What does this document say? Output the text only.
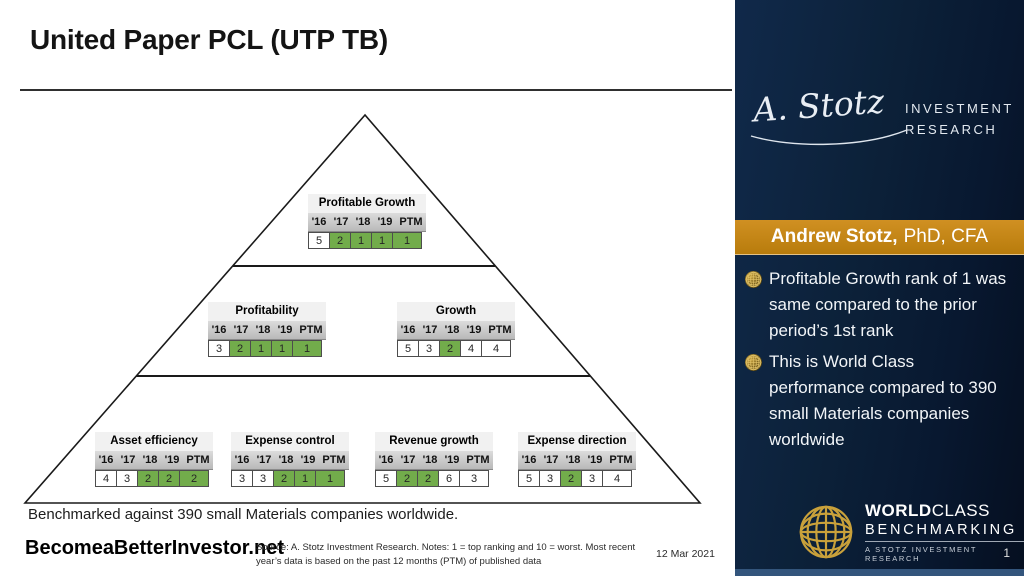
United Paper PCL (UTP TB)
Profitable Growth
'16 '17 '18 '19 PTM
5	2	1	1	1
Profitability
'16 '17 '18 '19 PTM
3	2	1	1	1
Growth
'16 '17 '18 '19 PTM
5	3	2	4	4
Asset efficiency
'16 '17 '18 '19 PTM
4	3	2	2	2
Expense control
'16 '17 '18 '19 PTM
3	3	2	1	1
Revenue growth
'16 '17 '18 '19 PTM
5	2	2	6	3
Expense direction
'16 '17 '18 '19 PTM
5	3	2	3	4
Benchmarked against 390 small Materials companies worldwide.
BecomeaBetterInvestor.net
Source: A. Stotz Investment Research. Notes: 1 = top ranking and 10 = worst. Most recent
year’s data is based on the past 12 months (PTM) of published data
12 Mar 2021
A. Stotz INVESTMENT
RESEARCH
Andrew Stotz, PhD, CFA
Profitable Growth rank of 1 was same compared to the prior period’s 1st rank
This is World Class performance compared to 390 small Materials companies worldwide
WORLDCLASS
BENCHMARKING
A STOTZ INVESTMENT RESEARCH	1
